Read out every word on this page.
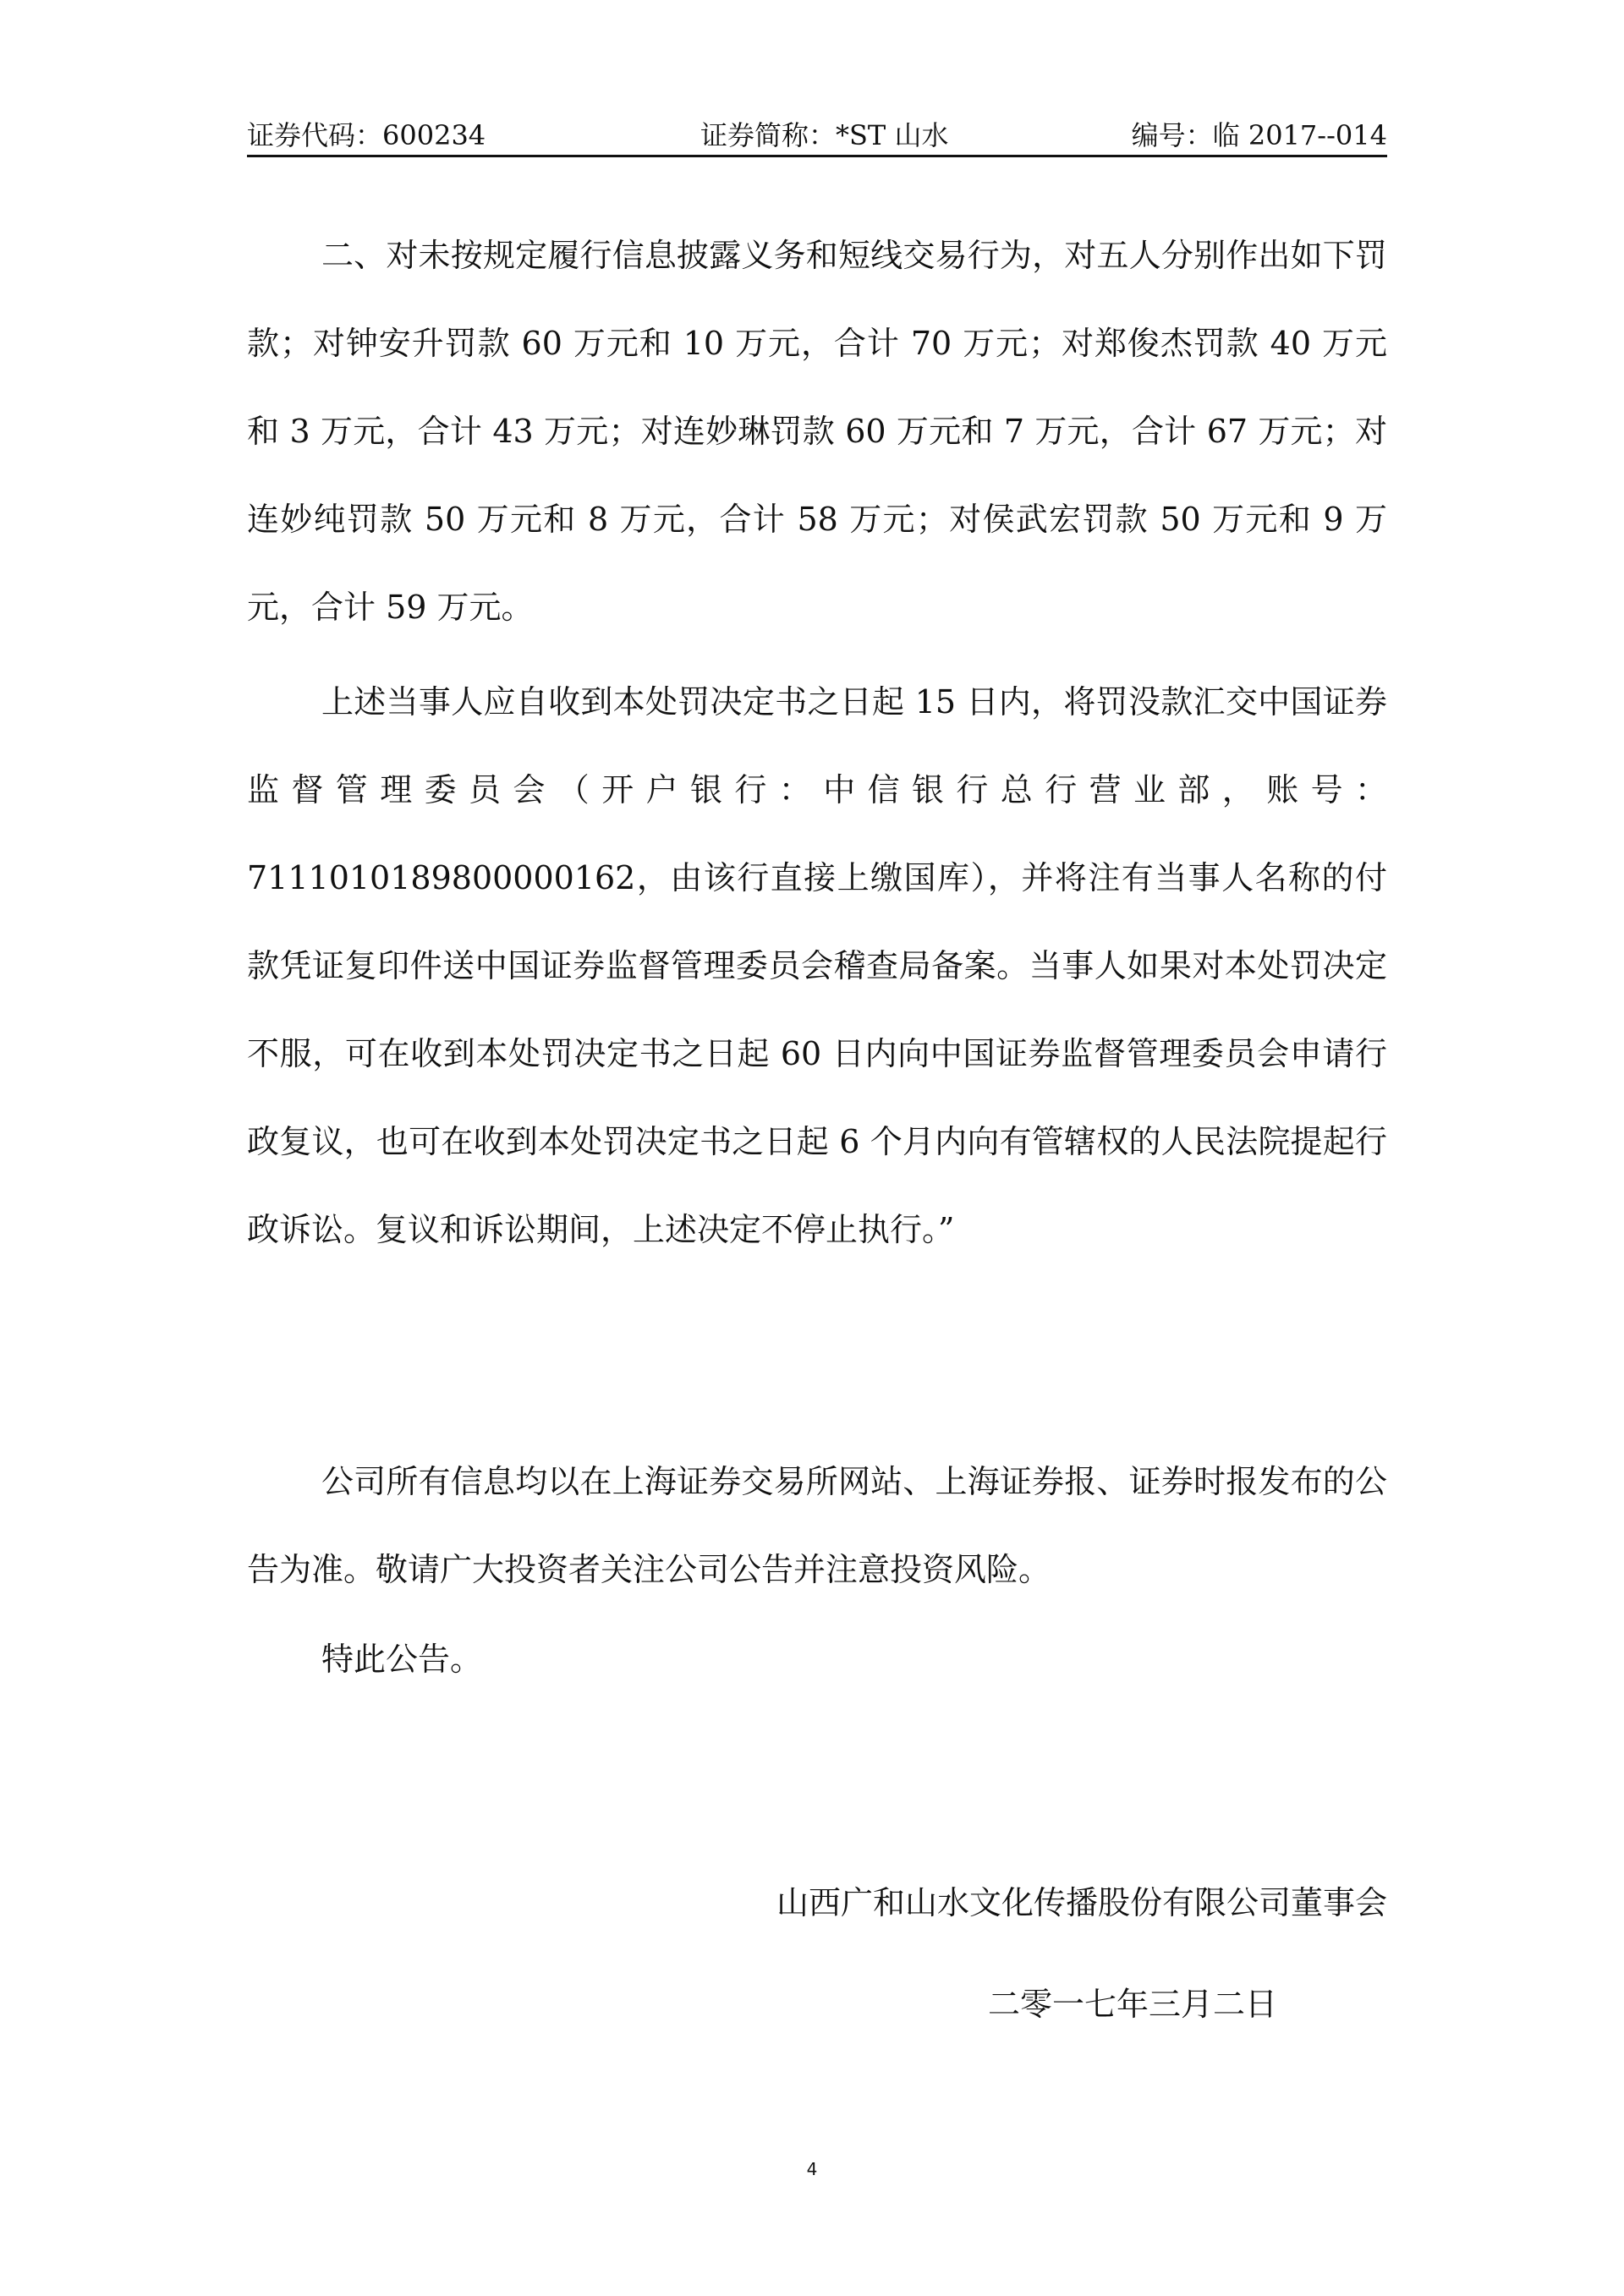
证券代码：600234	证券简称：*ST 山水	编号：临 2017--014

二、对未按规定履行信息披露义务和短线交易行为，对五人分别作出如下罚款；对钟安升罚款 60 万元和 10 万元，合计 70 万元；对郑俊杰罚款 40 万元和 3 万元，合计 43 万元；对连妙琳罚款 60 万元和 7 万元，合计 67 万元；对连妙纯罚款 50 万元和 8 万元，合计 58 万元；对侯武宏罚款 50 万元和 9 万元，合计 59 万元。

上述当事人应自收到本处罚决定书之日起 15 日内，将罚没款汇交中国证券监督管理委员会（开户银行：中信银行总行营业部，账号：7111010189800000162，由该行直接上缴国库），并将注有当事人名称的付款凭证复印件送中国证券监督管理委员会稽查局备案。当事人如果对本处罚决定不服，可在收到本处罚决定书之日起 60 日内向中国证券监督管理委员会申请行政复议，也可在收到本处罚决定书之日起 6 个月内向有管辖权的人民法院提起行政诉讼。复议和诉讼期间，上述决定不停止执行。”

公司所有信息均以在上海证券交易所网站、上海证券报、证券时报发布的公告为准。敬请广大投资者关注公司公告并注意投资风险。

特此公告。

山西广和山水文化传播股份有限公司董事会
二零一七年三月二日
4
